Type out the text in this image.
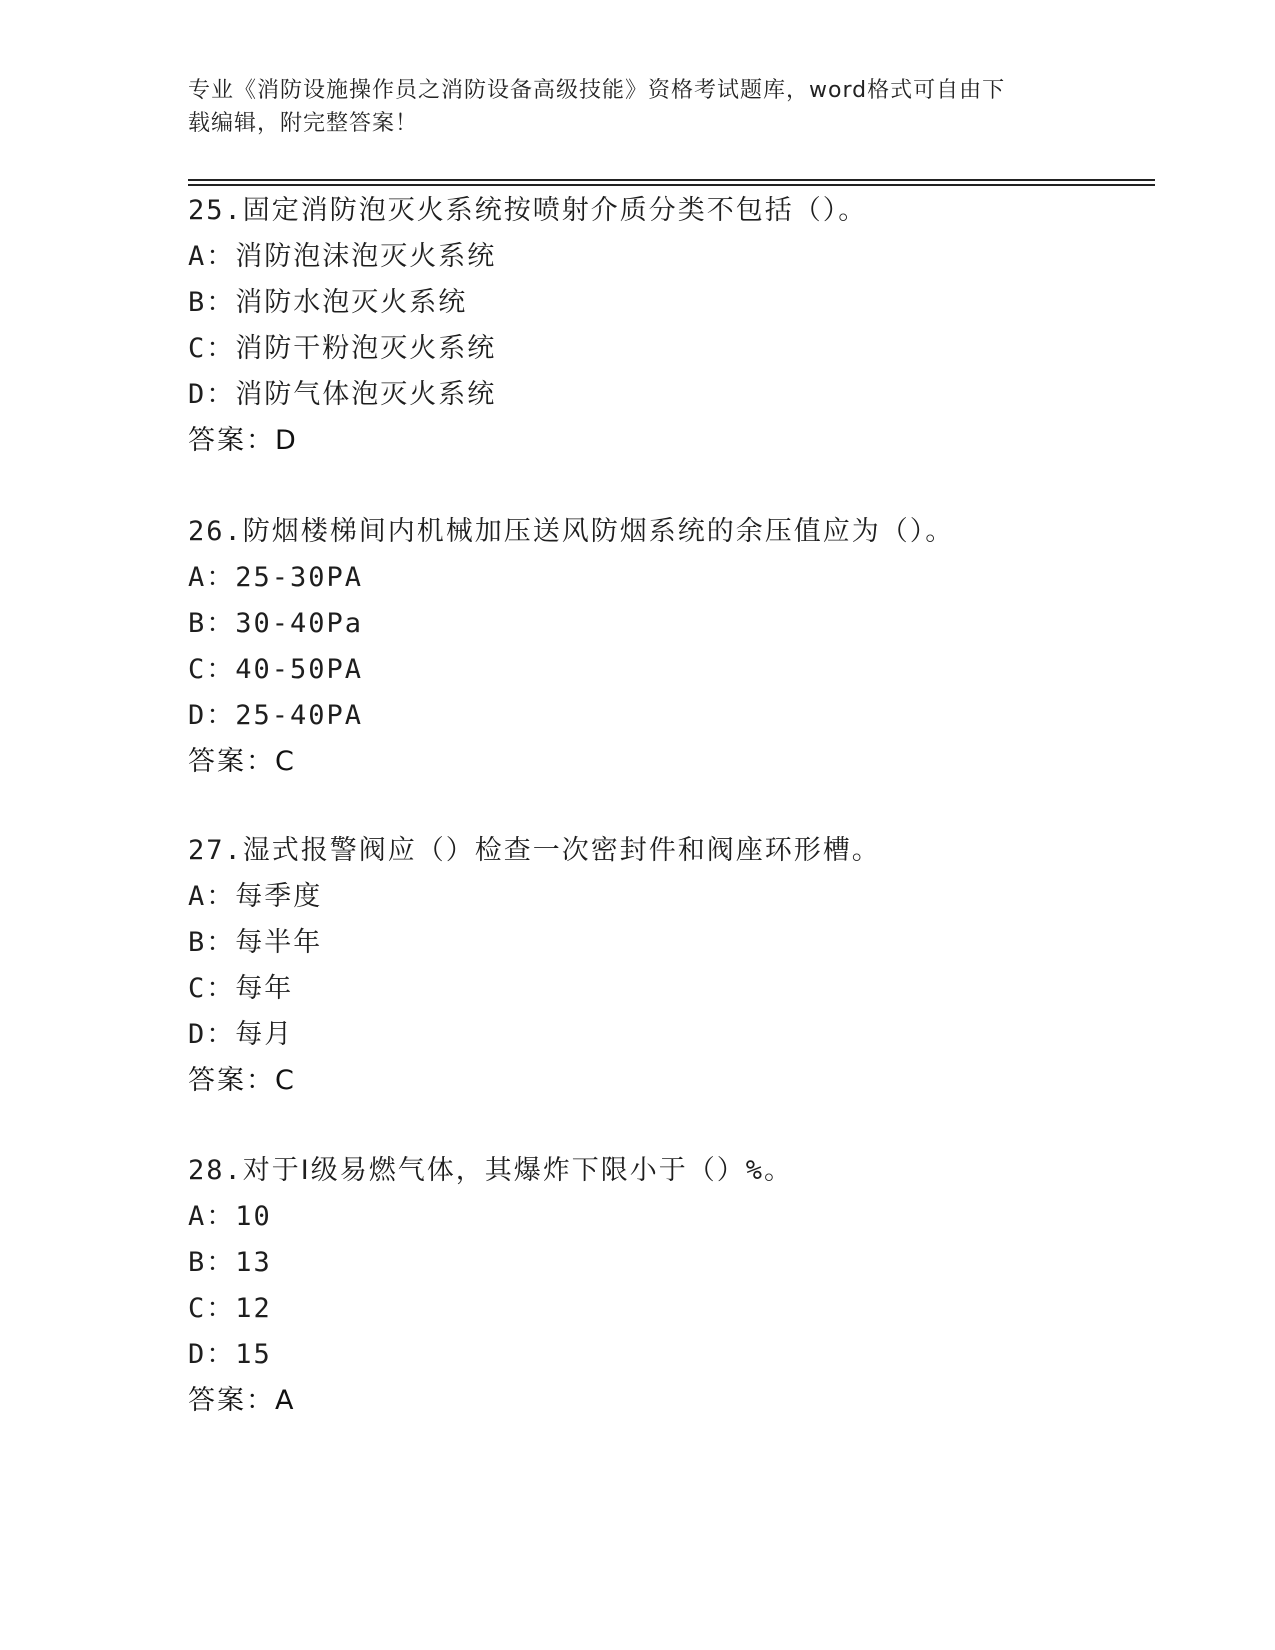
专业《消防设施操作员之消防设备高级技能》资格考试题库，word格式可自由下
载编辑，附完整答案！
25.固定消防泡灭火系统按喷射介质分类不包括（）。
A：消防泡沫泡灭火系统
B：消防水泡灭火系统
C：消防干粉泡灭火系统
D：消防气体泡灭火系统
答案：D
26.防烟楼梯间内机械加压送风防烟系统的余压值应为（）。
A：25-30PA
B：30-40Pa
C：40-50PA
D：25-40PA
答案：C
27.湿式报警阀应（）检查一次密封件和阀座环形槽。
A：每季度
B：每半年
C：每年
D：每月
答案：C
28.对于Ⅰ级易燃气体，其爆炸下限小于（）%。
A：10
B：13
C：12
D：15
答案：A
